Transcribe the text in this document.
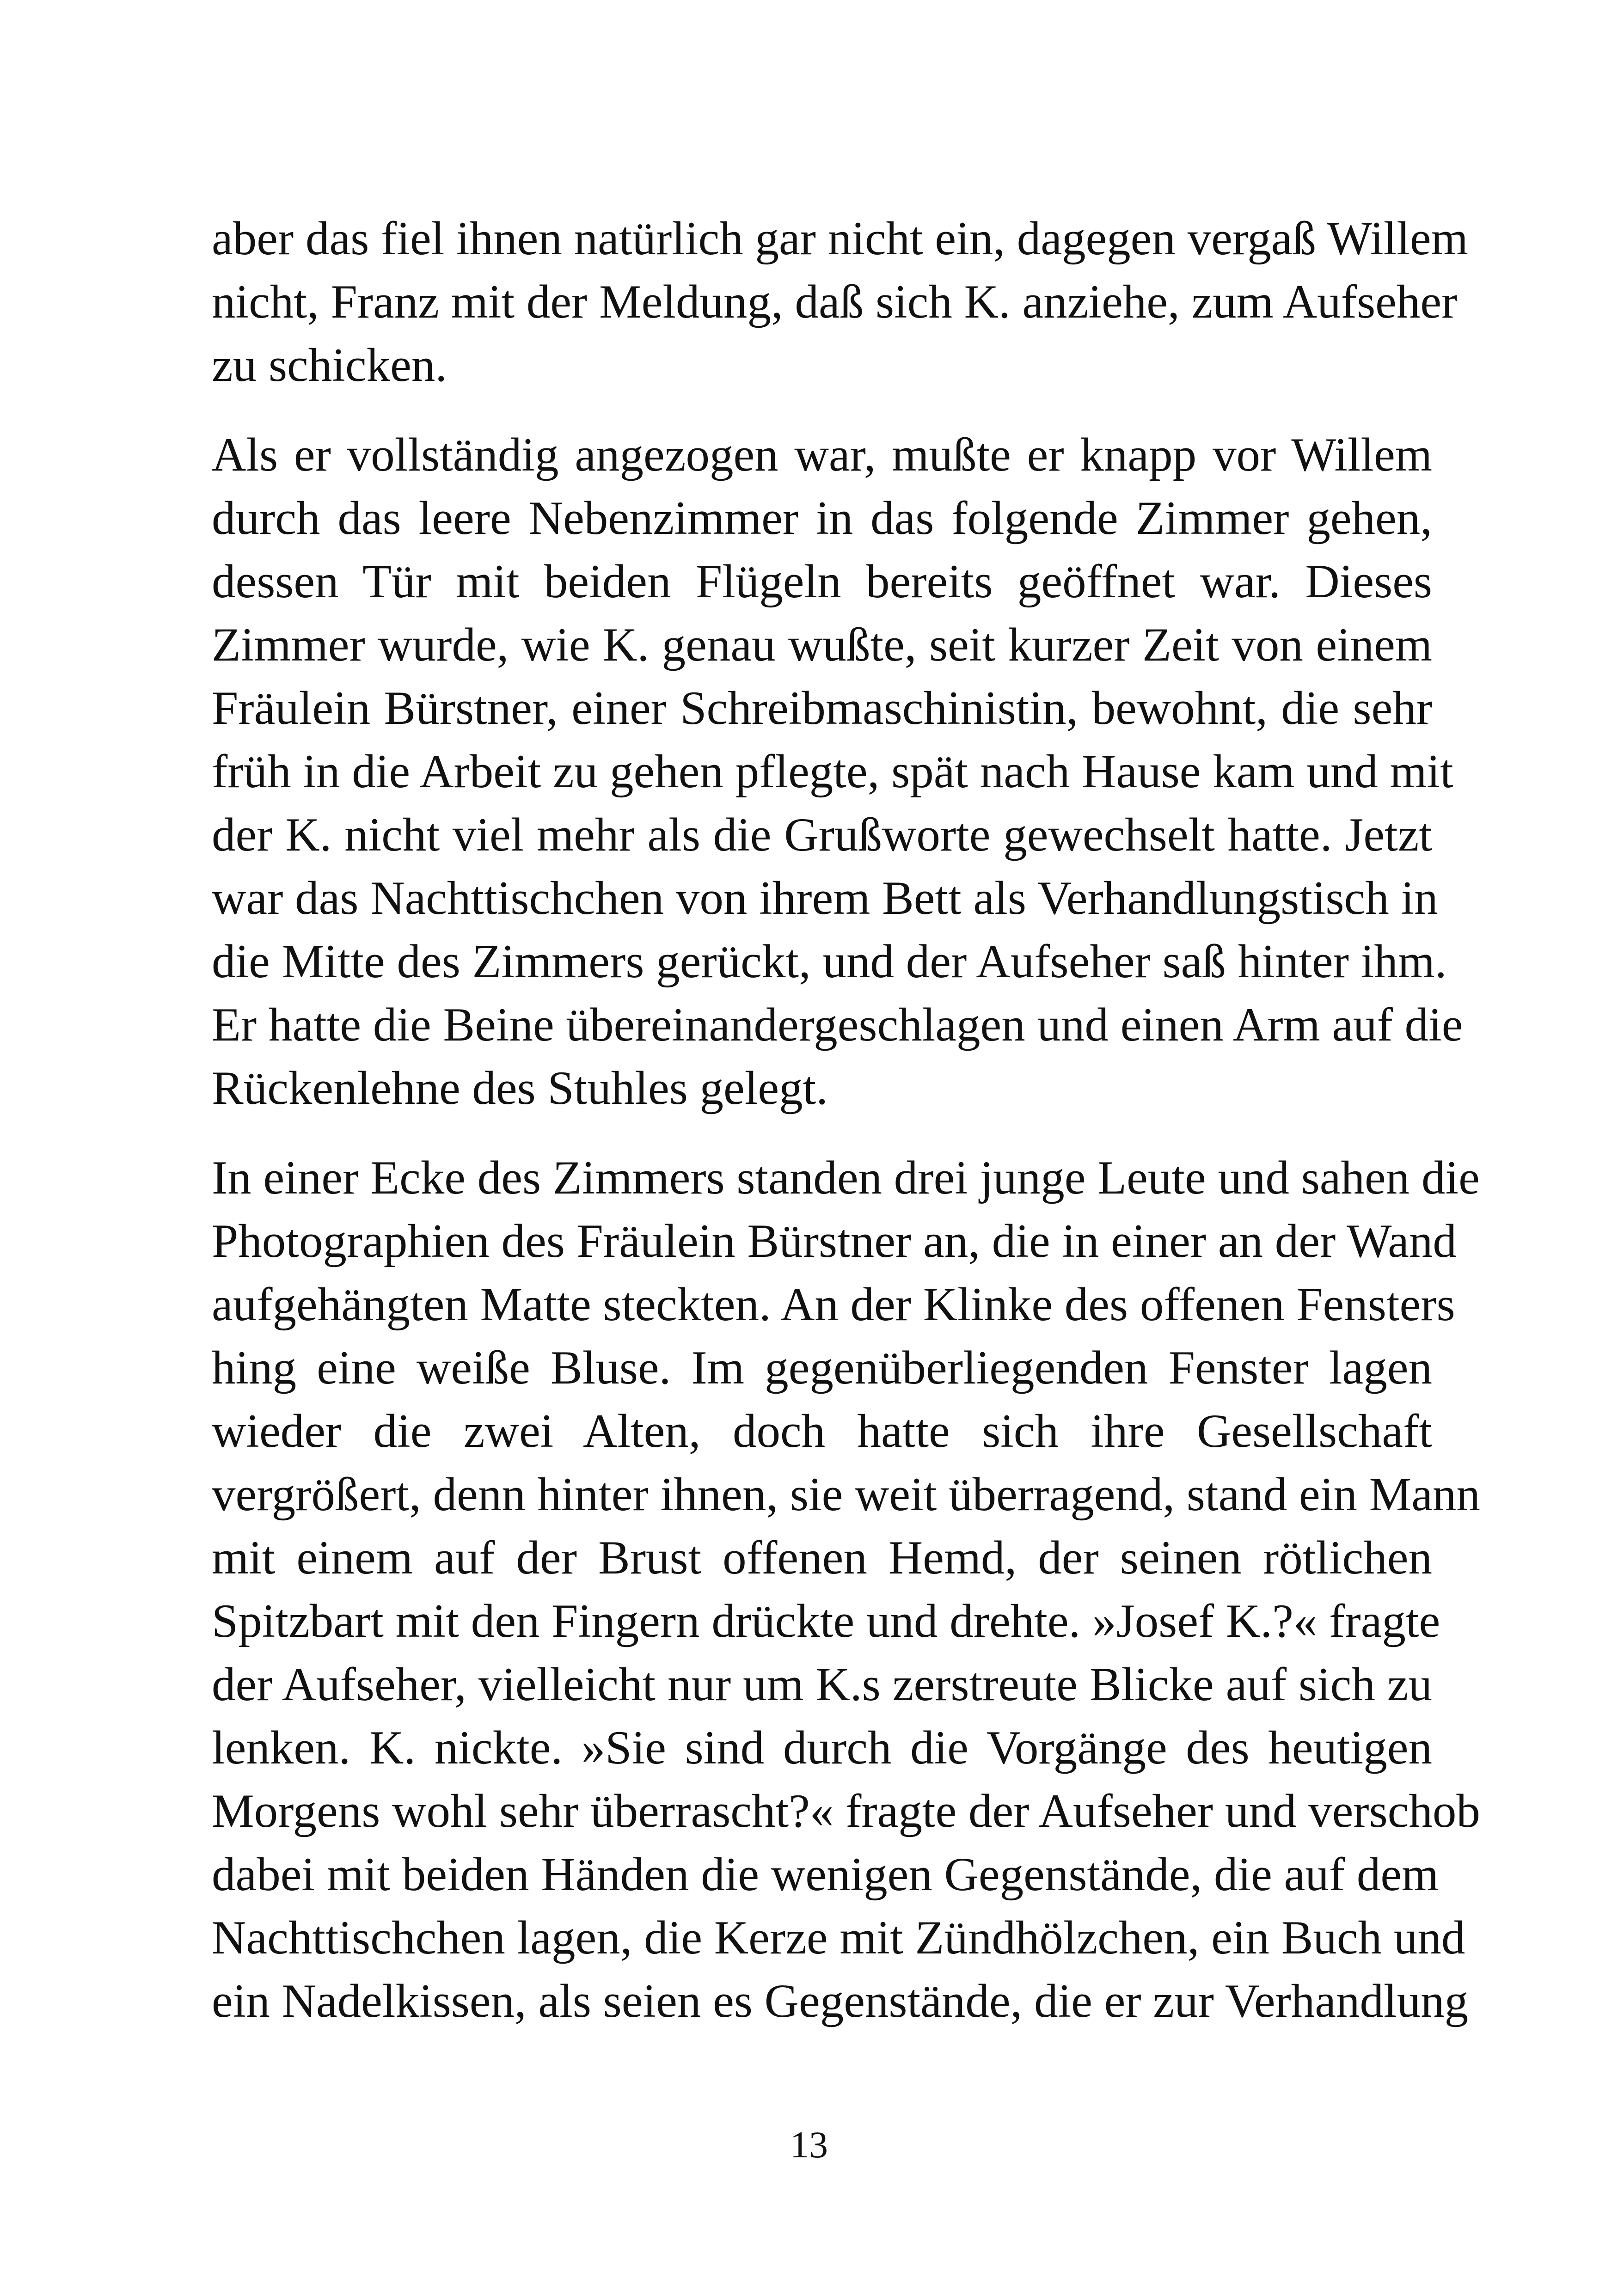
aber das fiel ihnen natürlich gar nicht ein, dagegen vergaß Willem
nicht, Franz mit der Meldung, daß sich K. anziehe, zum Aufseher
zu schicken.
Als er vollständig angezogen war, mußte er knapp vor Willem
durch das leere Nebenzimmer in das folgende Zimmer gehen,
dessen Tür mit beiden Flügeln bereits geöffnet war. Dieses
Zimmer wurde, wie K. genau wußte, seit kurzer Zeit von einem
Fräulein Bürstner, einer Schreibmaschinistin, bewohnt, die sehr
früh in die Arbeit zu gehen pflegte, spät nach Hause kam und mit
der K. nicht viel mehr als die Grußworte gewechselt hatte. Jetzt
war das Nachttischchen von ihrem Bett als Verhandlungstisch in
die Mitte des Zimmers gerückt, und der Aufseher saß hinter ihm.
Er hatte die Beine übereinandergeschlagen und einen Arm auf die
Rückenlehne des Stuhles gelegt.
In einer Ecke des Zimmers standen drei junge Leute und sahen die
Photographien des Fräulein Bürstner an, die in einer an der Wand
aufgehängten Matte steckten. An der Klinke des offenen Fensters
hing eine weiße Bluse. Im gegenüberliegenden Fenster lagen
wieder die zwei Alten, doch hatte sich ihre Gesellschaft
vergrößert, denn hinter ihnen, sie weit überragend, stand ein Mann
mit einem auf der Brust offenen Hemd, der seinen rötlichen
Spitzbart mit den Fingern drückte und drehte. »Josef K.?« fragte
der Aufseher, vielleicht nur um K.s zerstreute Blicke auf sich zu
lenken. K. nickte. »Sie sind durch die Vorgänge des heutigen
Morgens wohl sehr überrascht?« fragte der Aufseher und verschob
dabei mit beiden Händen die wenigen Gegenstände, die auf dem
Nachttischchen lagen, die Kerze mit Zündhölzchen, ein Buch und
ein Nadelkissen, als seien es Gegenstände, die er zur Verhandlung
13
